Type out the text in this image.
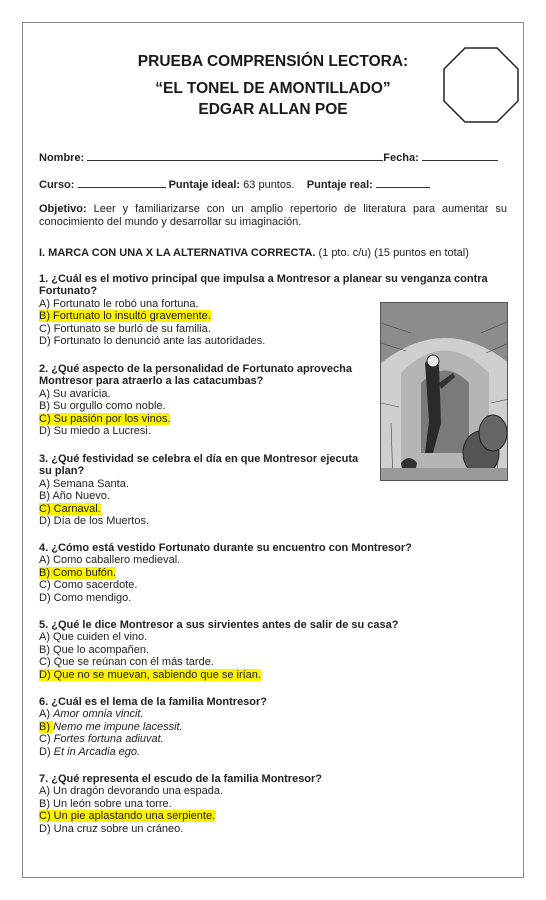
PRUEBA COMPRENSIÓN LECTORA:
“EL TONEL DE AMONTILLADO”
EDGAR ALLAN POE
Nombre:	Fecha:
Curso:	Puntaje ideal: 63 puntos. Puntaje real:

Objetivo: Leer y familiarizarse con un amplio repertorio de literatura para aumentar su conocimiento del mundo y desarrollar su imaginación.

I. MARCA CON UNA X LA ALTERNATIVA CORRECTA. (1 pto. c/u) (15 puntos en total)

1. ¿Cuál es el motivo principal que impulsa a Montresor a planear su venganza contra Fortunato?

A) Fortunato le robó una fortuna.

B) Fortunato lo insultó gravemente.

C) Fortunato se burló de su familia.

D) Fortunato lo denunció ante las autoridades.

2. ¿Qué aspecto de la personalidad de Fortunato aprovecha Montresor para atraerlo a las catacumbas?

A) Su avaricia.

B) Su orgullo como noble.

C) Su pasión por los vinos.

D) Su miedo a Lucresi.

3. ¿Qué festividad se celebra el día en que Montresor ejecuta su plan?

A) Semana Santa.

B) Año Nuevo.

C) Carnaval.

D) Día de los Muertos.

4. ¿Cómo está vestido Fortunato durante su encuentro con Montresor?

A) Como caballero medieval.

B) Como bufón.

C) Como sacerdote.

D) Como mendigo.

5. ¿Qué le dice Montresor a sus sirvientes antes de salir de su casa?

A) Que cuiden el vino.

B) Que lo acompañen.

C) Que se reúnan con él más tarde.

D) Que no se muevan, sabiendo que se irían.

6. ¿Cuál es el lema de la familia Montresor?

A) Amor omnia vincit.

B) Nemo me impune lacessit.

C) Fortes fortuna adiuvat.

D) Et in Arcadia ego.

7. ¿Qué representa el escudo de la familia Montresor?

A) Un dragón devorando una espada.

B) Un león sobre una torre.

C) Un pie aplastando una serpiente.

D) Una cruz sobre un cráneo.
